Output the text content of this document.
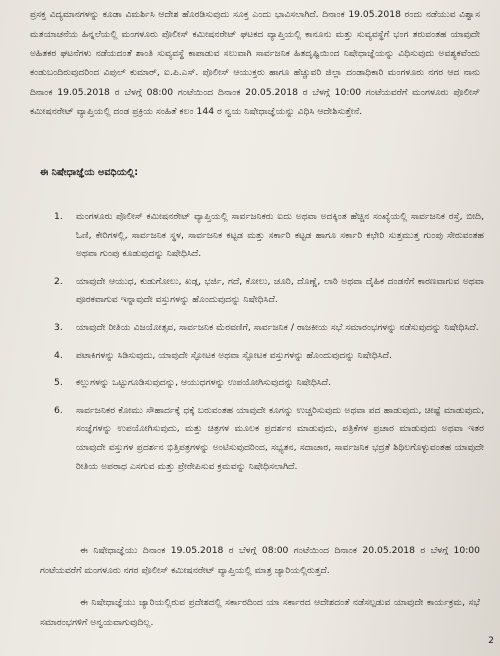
ಪ್ರಸಕ್ತ ವಿದ್ಯಮಾನಗಳನ್ನು ಕೂಡಾ ವಿಮರ್ಶಿಸಿ ಆದೇಶ ಹೊರಡಿಸುವುದು ಸೂಕ್ತ ಎಂದು ಭಾವಿಸಲಾಗಿದೆ. ದಿನಾಂಕ 19.05.2018 ರಂದು ನಡೆಯುವ ವಿಶ್ವಾಸ ಮತಯಾಚನೆಯ ಹಿನ್ನಲೆಯಲ್ಲಿ ಮಂಗಳೂರು ಪೊಲೀಸ್ ಕಮೀಷನರೇಟ್ ಘಟಕದ ವ್ಯಾಪ್ತಿಯಲ್ಲಿ ಕಾನೂನು ಮತ್ತು ಸುವ್ಯವಸ್ಥೆಗೆ ಭಂಗ ತರುವಂತಹ ಯಾವುದೇ ಅಹಿತಕರ ಘಟನೆಗಳು ನಡೆಯದಂತೆ ಶಾಂತಿ ಸುವ್ಯವಸ್ಥೆ ಕಾಪಾಡುವ ಸಲುವಾಗಿ ಸಾರ್ವಜನಿಕ ಹಿತದೃಷ್ಟಿಯಿಂದ ನಿಷೇಧಾಜ್ಞೆಯನ್ನು ವಿಧಿಸುವುದು ಅವಶ್ಯಕವೆಂದು ಕಂಡುಬಂದಿರುವುದರಿಂದ ವಿಪುಲ್ ಕುಮಾರ್, ಐ.ಪಿ.ಎಸ್. ಪೊಲೀಸ್ ಆಯುಕ್ತರು ಹಾಗೂ ಹೆಚ್ಚುವರಿ ಜಿಲ್ಲಾ ದಂಡಾಧಿಕಾರಿ ಮಂಗಳೂರು ನಗರ ಆದ ನಾನು ದಿನಾಂಕ 19.05.2018 ರ ಬೆಳಗ್ಗೆ 08:00 ಗಂಟೆಯಿಂದ ದಿನಾಂಕ 20.05.2018 ರ ಬೆಳಗ್ಗೆ 10:00 ಗಂಟೆಯವರೆಗೆ ಮಂಗಳೂರು ಪೊಲೀಸ್ ಕಮೀಷನರೇಟ್ ವ್ಯಾಪ್ತಿಯಲ್ಲಿ ದಂಡ ಪ್ರಕ್ರಿಯ ಸಂಹಿತೆ ಕಲಂ 144 ರ ನ್ವಯ ನಿಷೇಧಾಜ್ಞೆಯನ್ನು ವಿಧಿಸಿ ಆದೇಶಿಸುತ್ತೇನೆ.

ಈ ನಿಷೇಧಾಜ್ಞೆಯ ಅವಧಿಯಲ್ಲಿ:
1. ಮಂಗಳೂರು ಪೊಲೀಸ್ ಕಮೀಷನರೇಟ್ ವ್ಯಾಪ್ತಿಯಲ್ಲಿ ಸಾರ್ವಜನಿಕರು ಐದು ಅಥವಾ ಅದಕ್ಕಿಂತ ಹೆಚ್ಚಿನ ಸಂಖ್ಯೆಯಲ್ಲಿ ಸಾರ್ವಜನಿಕ ರಸ್ತೆ, ಬೀದಿ, ಓಣಿ, ಕೇರಿಗಳಲ್ಲಿ, ಸಾರ್ವಜನಿಕ ಸ್ಥಳ, ಸಾರ್ವಜನಿಕ ಕಟ್ಟಡ ಮತ್ತು ಸರ್ಕಾರಿ ಕಟ್ಟಡ ಹಾಗೂ ಸರ್ಕಾರಿ ಕಛೇರಿ ಸುತ್ತಮುತ್ತ ಗುಂಪು ಸೇರುವಂತಹ ಅಥವಾ ಗುಂಪು ಕೂಡುವುದನ್ನು ನಿಷೇಧಿಸಿದೆ.
2. ಯಾವುದೇ ಆಯುಧ, ಕುಡುಗೋಲು, ಖಡ್ಗ, ಭರ್ಜಿ, ಗದೆ, ಕೋಲು, ಚೂರಿ, ದೊಣ್ಣೆ, ಲಾಠಿ ಅಥವಾ ದೈಹಿಕ ದಂಡನೆಗೆ ಕಾರಣವಾಗುವ ಅಥವಾ ಪೂರಕವಾಗುವ ಇನ್ನಾವುದೇ ವಸ್ತುಗಳನ್ನು ಹೊಂದುವುದನ್ನು ನಿಷೇಧಿಸಿದೆ.
3. ಯಾವುದೇ ರೀತಿಯ ವಿಜಯೋತ್ಸವ, ಸಾರ್ವಜನಿಕ ಮೆರವಣಿಗೆ, ಸಾರ್ವಜನಿಕ / ರಾಜಕೀಯ ಸಭೆ ಸಮಾರಂಭಗಳನ್ನು ನಡೆಸುವುದನ್ನು ನಿಷೇಧಿಸಿದೆ.
4. ಪಟಾಕಿಗಳನ್ನು ಸಿಡಿಸುವುದು, ಯಾವುದೇ ಸ್ಫೋಟಕ ಅಥವಾ ಸ್ಪೋಟಕ ವಸ್ತುಗಳನ್ನು ಹೊಂದುವುದನ್ನು ನಿಷೇಧಿಸಿದೆ.
5. ಕಲ್ಲುಗಳನ್ನು ಒಟ್ಟುಗೂಡಿಸುವುದನ್ನು, ಆಯುಧಗಳನ್ನು ಉಪಯೋಗಿಸುವುದನ್ನು ನಿಷೇಧಿಸಿದೆ.
6. ಸಾರ್ವಜನಿಕರ ಕೋಮು ಸೌಹಾರ್ದಕ್ಕೆ ಧಕ್ಕೆ ಬರುವಂತಹ ಯಾವುದೇ ಕೂಗನ್ನು ಉಚ್ಚರಿಸುವುದು ಅಥವಾ ಪದ ಹಾಡುವುದು, ಚೀಷ್ಟೆ ಮಾಡುವುದು, ಸಂಜ್ಞೆಗಳನ್ನು ಉಪಯೋಗಿಸುವುದು, ಮತ್ತು ಚಿತ್ರಗಳ ಮೂಲಕ ಪ್ರದರ್ಶನ ಮಾಡುವುದು, ಪತ್ರಿಕೆಗಳ ಪ್ರಚಾರ ಮಾಡುವುದು ಅಥವಾ ಇತರ ಯಾವುದೇ ವಸ್ತುಗಳ ಪ್ರದರ್ಶನ ಭಿತ್ತಿಪತ್ರಗಳನ್ನು ಅಂಟಿಸುವುದರಿಂದ, ಸಭ್ಯತನ, ಸದಾಚಾರ, ಸಾರ್ವಜನಿಕ ಭದ್ರತೆ ಶಿಥಿಲಗೊಳ್ಳುವಂತಹ ಯಾವುದೇ ರೀತಿಯ ಅಪರಾಧ ಎಸಗುವ ಮತ್ತು ಪ್ರೇರೇಪಿಸುವ ಕ್ರಮವನ್ನು ನಿಷೇಧಿಸಲಾಗಿದೆ.

ಈ ನಿಷೇಧಾಜ್ಞೆಯು ದಿನಾಂಕ 19.05.2018 ರ ಬೆಳಗ್ಗೆ 08:00 ಗಂಟೆಯಿಂದ ದಿನಾಂಕ 20.05.2018 ರ ಬೆಳಗ್ಗೆ 10:00 ಗಂಟೆಯವರೆಗೆ ಮಂಗಳೂರು ನಗರ ಪೊಲೀಸ್ ಕಮೀಷನರೇಟ್ ವ್ಯಾಪ್ತಿಯಲ್ಲಿ ಮಾತ್ರ ಜ್ಯಾರಿಯಲ್ಲಿರುತ್ತದೆ.

ಈ ನಿಷೇಧಾಜ್ಞೆಯು ಜ್ಯಾರಿಯಲ್ಲಿರುವ ಪ್ರದೇಶದಲ್ಲಿ ಸರ್ಕಾರದಿಂದ ಯಾ ಸರ್ಕಾರದ ಆದೇಶದಂತೆ ನಡೆಸಲ್ಪಡುವ ಯಾವುದೇ ಕಾರ್ಯಕ್ರಮ, ಸಭೆ ಸಮಾರಂಭಗಳಿಗೆ ಅನ್ವಯವಾಗುವುದಿಲ್ಲ.

2
